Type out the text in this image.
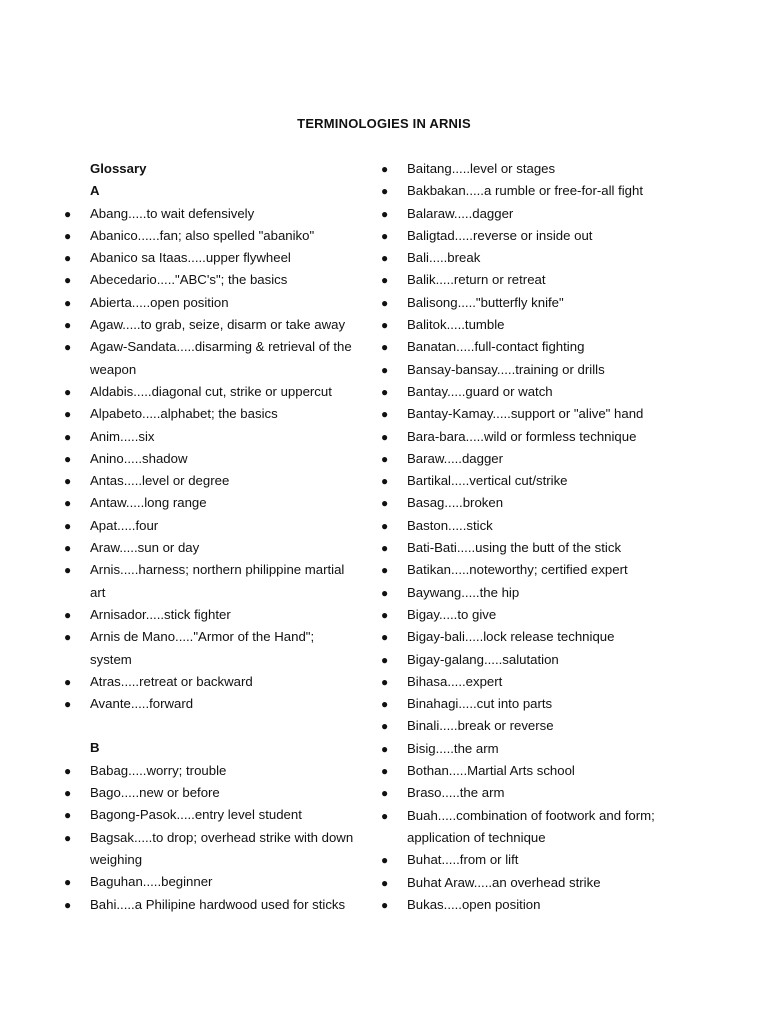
TERMINOLOGIES IN ARNIS
Glossary
A
● Abang.....to wait defensively
● Abanico......fan; also spelled "abaniko"
● Abanico sa Itaas.....upper flywheel
● Abecedario....."ABC's"; the basics
● Abierta.....open position
● Agaw.....to grab, seize, disarm or take away
● Agaw-Sandata.....disarming & retrieval of the weapon
● Aldabis.....diagonal cut, strike or uppercut
● Alpabeto.....alphabet; the basics
● Anim.....six
● Anino.....shadow
● Antas.....level or degree
● Antaw.....long range
● Apat.....four
● Araw.....sun or day
● Arnis.....harness; northern philippine martial art
● Arnisador.....stick fighter
● Arnis de Mano....."Armor of the Hand"; system
● Atras.....retreat or backward
● Avante.....forward
B
● Babag.....worry; trouble
● Bago.....new or before
● Bagong-Pasok.....entry level student
● Bagsak.....to drop; overhead strike with down weighing
● Baguhan.....beginner
● Bahi.....a Philipine hardwood used for sticks
● Baitang.....level or stages
● Bakbakan.....a rumble or free-for-all fight
● Balaraw.....dagger
● Baligtad.....reverse or inside out
● Bali.....break
● Balik.....return or retreat
● Balisong....."butterfly knife"
● Balitok.....tumble
● Banatan.....full-contact fighting
● Bansay-bansay.....training or drills
● Bantay.....guard or watch
● Bantay-Kamay.....support or "alive" hand
● Bara-bara.....wild or formless technique
● Baraw.....dagger
● Bartikal.....vertical cut/strike
● Basag.....broken
● Baston.....stick
● Bati-Bati.....using the butt of the stick
● Batikan.....noteworthy; certified expert
● Baywang.....the hip
● Bigay.....to give
● Bigay-bali.....lock release technique
● Bigay-galang.....salutation
● Bihasa.....expert
● Binahagi.....cut into parts
● Binali.....break or reverse
● Bisig.....the arm
● Bothan.....Martial Arts school
● Braso.....the arm
● Buah.....combination of footwork and form; application of technique
● Buhat.....from or lift
● Buhat Araw.....an overhead strike
● Bukas.....open position
